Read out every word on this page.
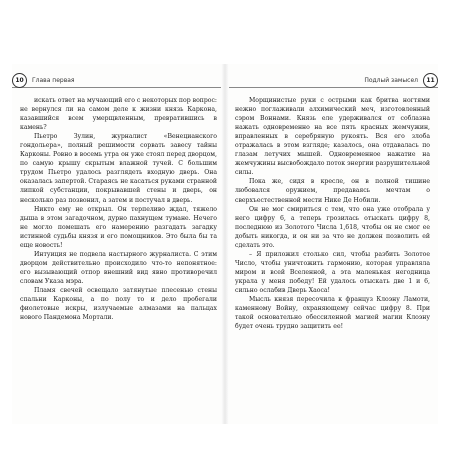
10	Глава первая

искать ответ на мучающий его с некоторых пор вопрос: не вернулся ли на самом деле к жизни князь Каркона, казавшийся всем умерщвленным, превратившись в камень?

Пьетро Зулин, журналист «Венецианского гондольера», полный решимости сорвать завесу тайны Карконы. Ровно в восемь утра он уже стоял перед дворцом, по самую крышу скрытым влажной тучей. С большим трудом Пьетро удалось разглядеть входную дверь. Она оказалась запертой. Стараясь не касаться руками странной липкой субстанции, покрывавшей стены и дверь, он несколько раз позвонил, а затем и постучал в дверь.

Никто ему не открыл. Он терпеливо ждал, тяжело дыша в этом загадочном, дурно пахнущем тумане. Нечего не могло помешать его намерению разгадать загадку истинной судьбы князя и его помощников. Это была бы та еще новость!

Интуиция не подвела настырного журналиста. С этим дворцом действительно происходило что-то непонятное: его вызывающий отпор внешний вид явно противоречил словам Указа мэра.

Пламя свечей освещало затянутые плесенью стены спальни Карконы, а по полу то и дело пробегали фиолетовые искры, излучаемые алмазами на пальцах нового Пандемона Мортали.

Подлый замысел	11

Морщинистые руки с острыми как бритва ногтями нежно поглаживали алхимический меч, изготовленный сэром Воннами. Князь еле удерживался от соблазна нажать одновременно на все пять красных жемчужин, вправленных в серебряную рукоять. Вся его злоба отражалась в этом взгляде; казалось, она отдавалась по глазам летучих мышей. Одновременное нажатие на жемчужины высвобождало поток энергии разрушительной силы.

Пока же, сидя в кресле, он в полной тишине любовался оружием, предаваясь мечтам о сверхъестественной мести Нике Де Нобили.

Он не мог смириться с тем, что она уже отобрала у него цифру 6, а теперь грозилась отыскать цифру 8, последнюю из Золотого Числа 1,618, чтобы он не смог ее добыть никогда, и он ни за что не должен позволить ей сделать это.

– Я приложил столько сил, чтобы разбить Золотое Число, чтобы уничтожить гармонию, которая управляла миром и всей Вселенной, а эта маленькая негодница украла у меня победу! Ей удалось отыскать две 1 и 6, сильно ослабив Дверь Хаоса!

Мысль князя пересочила к француз Клоэну Ламоти, каменному Войну, охраняющему сейчас цифру 8. При такой основательно обессиленной магией магии Клоэну будет очень трудно защитить ее!
